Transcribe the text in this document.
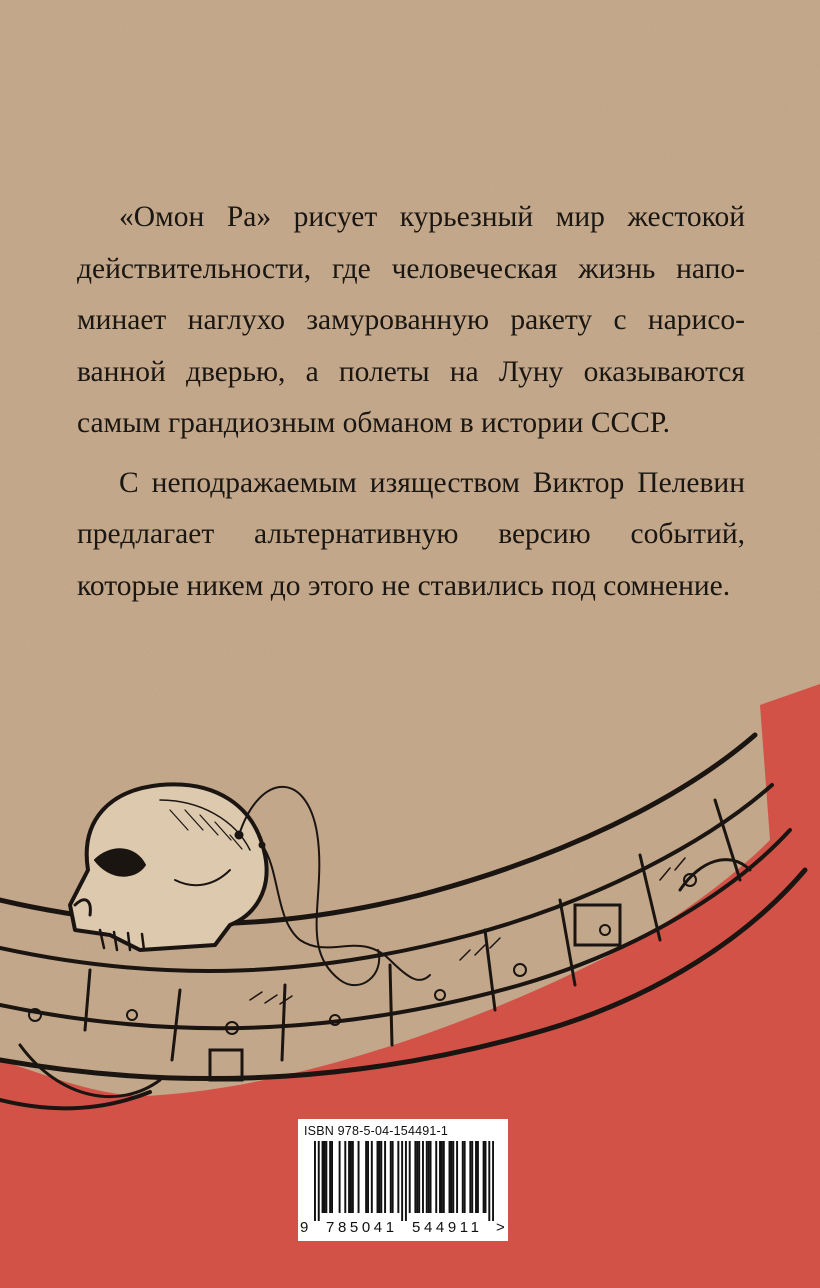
«Омон Ра» рисует курьезный мир жестокой действительности, где человеческая жизнь напоминает наглухо замурованную ракету с нарисованной дверью, а полеты на Луну оказываются самым грандиозным обманом в истории СССР.

С неподражаемым изяществом Виктор Пелевин предлагает альтернативную версию событий, которые никем до этого не ставились под сомнение.

ISBN 978-5-04-154491-1
9 785041 544911 >
